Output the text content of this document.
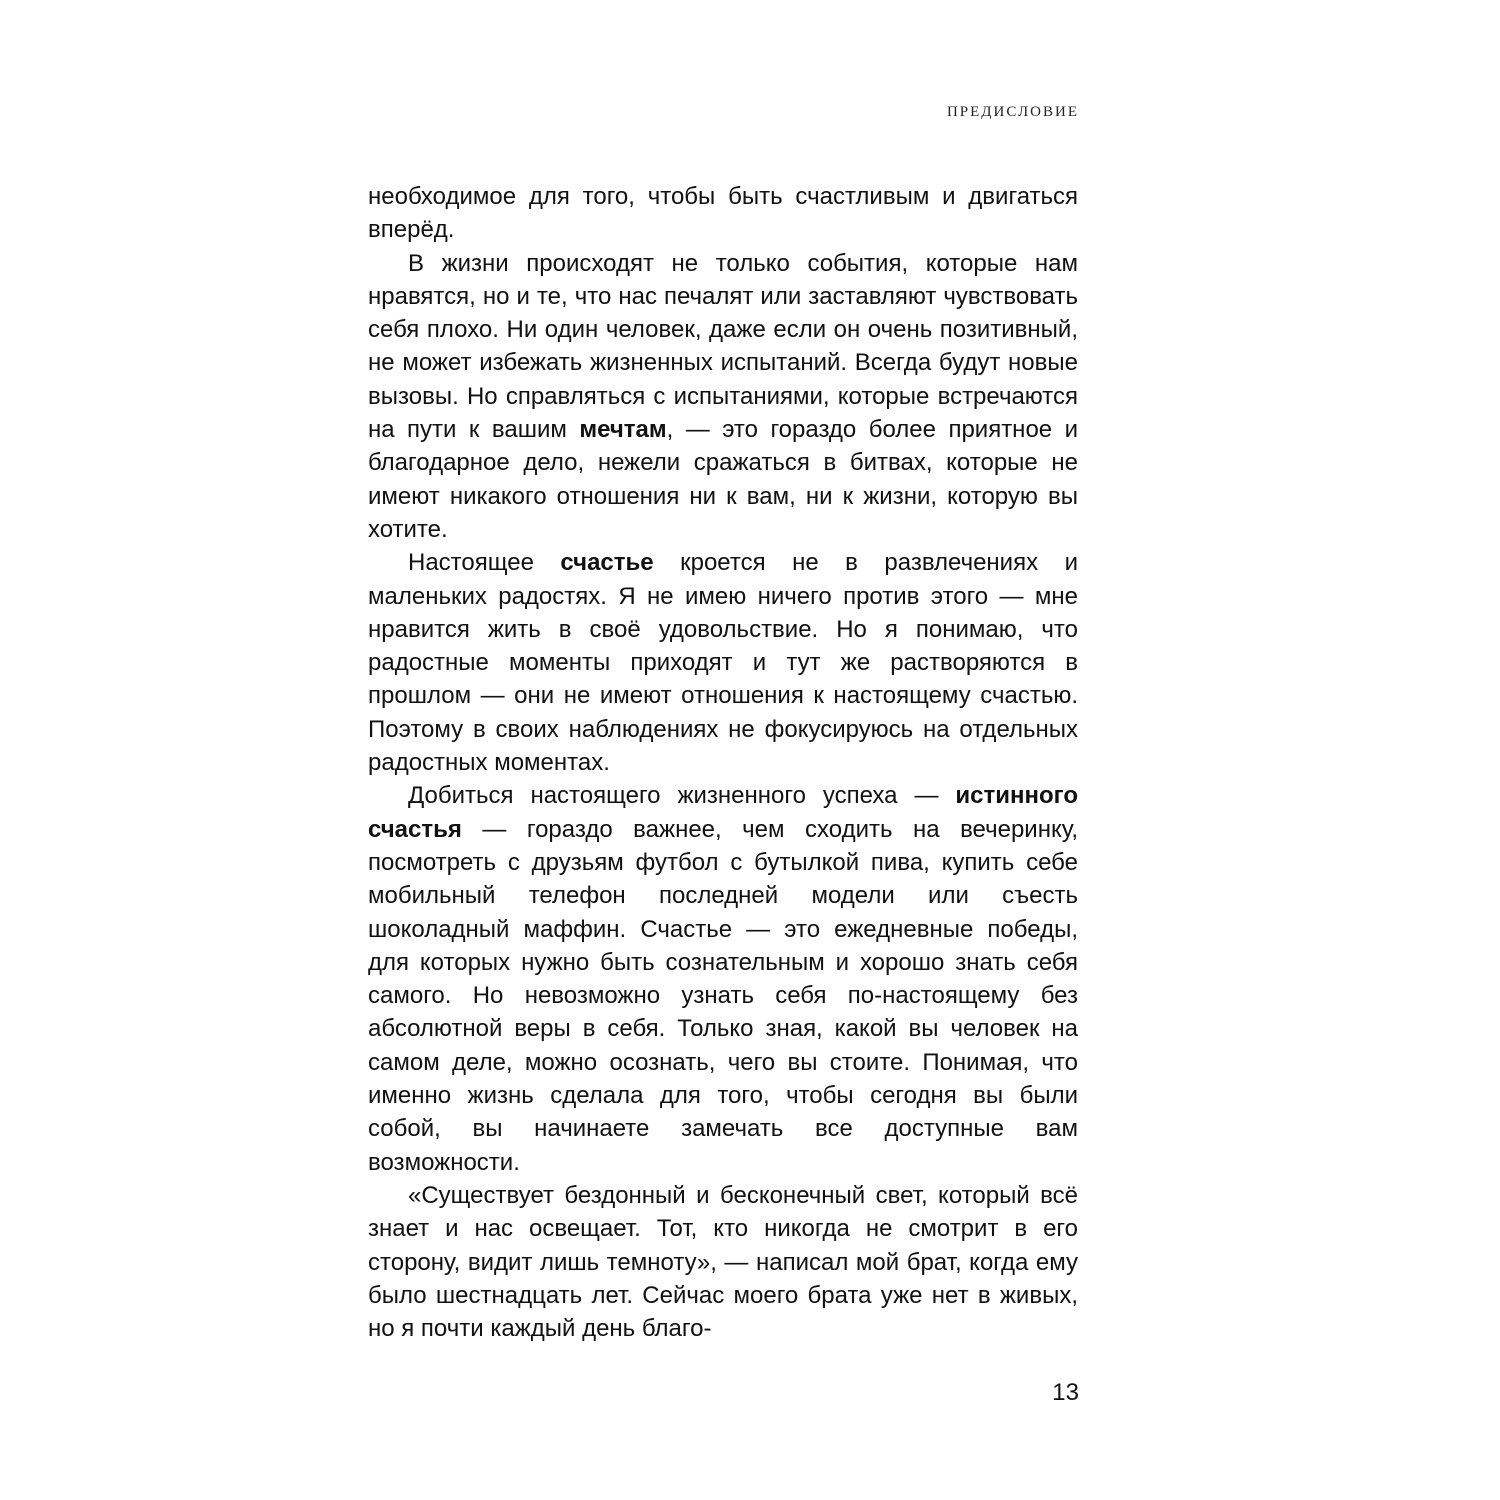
ПРЕДИСЛОВИЕ

необходимое для того, чтобы быть счастливым и двигаться вперёд.

В жизни происходят не только события, которые нам нравятся, но и те, что нас печалят или заставляют чувствовать себя плохо. Ни один человек, даже если он очень позитивный, не может избежать жизненных испытаний. Всегда будут новые вызовы. Но справляться с испытаниями, которые встречаются на пути к вашим мечтам, — это гораздо более приятное и благодарное дело, нежели сражаться в битвах, которые не имеют никакого отношения ни к вам, ни к жизни, которую вы хотите.

Настоящее счастье кроется не в развлечениях и маленьких радостях. Я не имею ничего против этого — мне нравится жить в своё удовольствие. Но я понимаю, что радостные моменты приходят и тут же растворяются в прошлом — они не имеют отношения к настоящему счастью. Поэтому в своих наблюдениях не фокусируюсь на отдельных радостных моментах.

Добиться настоящего жизненного успеха — истинного счастья — гораздо важнее, чем сходить на вечеринку, посмотреть с друзьям футбол с бутылкой пива, купить себе мобильный телефон последней модели или съесть шоколадный маффин. Счастье — это ежедневные победы, для которых нужно быть сознательным и хорошо знать себя самого. Но невозможно узнать себя по-настоящему без абсолютной веры в себя. Только зная, какой вы человек на самом деле, можно осознать, чего вы стоите. Понимая, что именно жизнь сделала для того, чтобы сегодня вы были собой, вы начинаете замечать все доступные вам возможности.

«Существует бездонный и бесконечный свет, который всё знает и нас освещает. Тот, кто никогда не смотрит в его сторону, видит лишь темноту», — написал мой брат, когда ему было шестнадцать лет. Сейчас моего брата уже нет в живых, но я почти каждый день благо-

13
